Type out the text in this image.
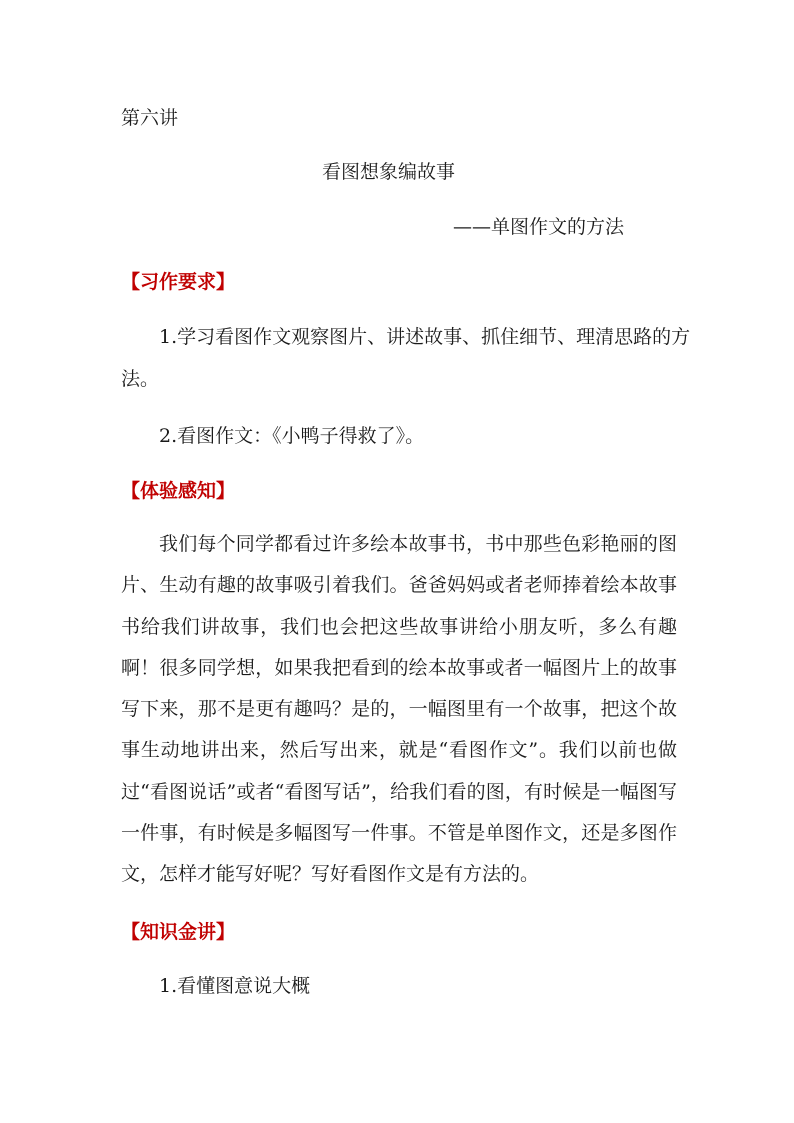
第六讲
看图想象编故事
——单图作文的方法
【习作要求】
1.学习看图作文观察图片、讲述故事、抓住细节、理清思路的方
法。
2.看图作文：《小鸭子得救了》。
【体验感知】
我们每个同学都看过许多绘本故事书，书中那些色彩艳丽的图片、生动有趣的故事吸引着我们。爸爸妈妈或者老师捧着绘本故事书给我们讲故事，我们也会把这些故事讲给小朋友听，多么有趣啊！很多同学想，如果我把看到的绘本故事或者一幅图片上的故事写下来，那不是更有趣吗？是的，一幅图里有一个故事，把这个故事生动地讲出来，然后写出来，就是“看图作文”。我们以前也做过“看图说话”或者“看图写话”，给我们看的图，有时候是一幅图写一件事，有时候是多幅图写一件事。不管是单图作文，还是多图作文，怎样才能写好呢？写好看图作文是有方法的。
【知识金讲】
1.看懂图意说大概
